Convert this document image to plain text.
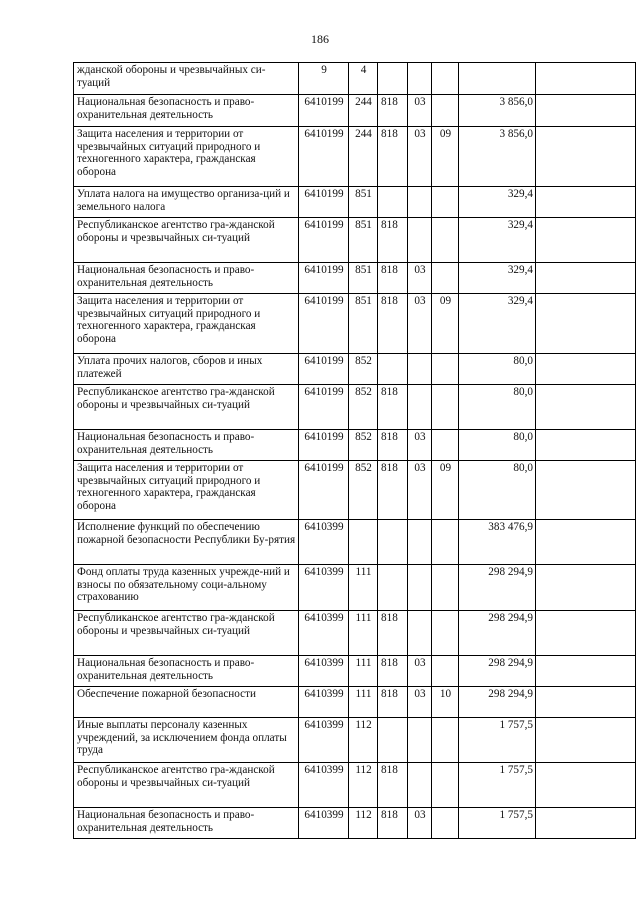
186
жданской обороны и чрезвычайных си-туаций	9	4					
Национальная безопасность и право-охранительная деятельность	6410199	244	818	03		3 856,0	
Защита населения и территории от чрезвычайных ситуаций природного и техногенного характера, гражданская оборона	6410199	244	818	03	09	3 856,0	
Уплата налога на имущество организа-ций и земельного налога	6410199	851				329,4	
Республиканское агентство гра-жданской обороны и чрезвычайных си-туаций	6410199	851	818			329,4	
Национальная безопасность и право-охранительная деятельность	6410199	851	818	03		329,4	
Защита населения и территории от чрезвычайных ситуаций природного и техногенного характера, гражданская оборона	6410199	851	818	03	09	329,4	
Уплата прочих налогов, сборов и иных платежей	6410199	852				80,0	
Республиканское агентство гра-жданской обороны и чрезвычайных си-туаций	6410199	852	818			80,0	
Национальная безопасность и право-охранительная деятельность	6410199	852	818	03		80,0	
Защита населения и территории от чрезвычайных ситуаций природного и техногенного характера, гражданская оборона	6410199	852	818	03	09	80,0	
Исполнение функций по обеспечению пожарной безопасности Республики Бу-рятия	6410399					383 476,9	
Фонд оплаты труда казенных учрежде-ний и взносы по обязательному соци-альному страхованию	6410399	111				298 294,9	
Республиканское агентство гра-жданской обороны и чрезвычайных си-туаций	6410399	111	818			298 294,9	
Национальная безопасность и право-охранительная деятельность	6410399	111	818	03		298 294,9	
Обеспечение пожарной безопасности	6410399	111	818	03	10	298 294,9	
Иные выплаты персоналу казенных учреждений, за исключением фонда оплаты труда	6410399	112				1 757,5	
Республиканское агентство гра-жданской обороны и чрезвычайных си-туаций	6410399	112	818			1 757,5	
Национальная безопасность и право-охранительная деятельность	6410399	112	818	03		1 757,5	
